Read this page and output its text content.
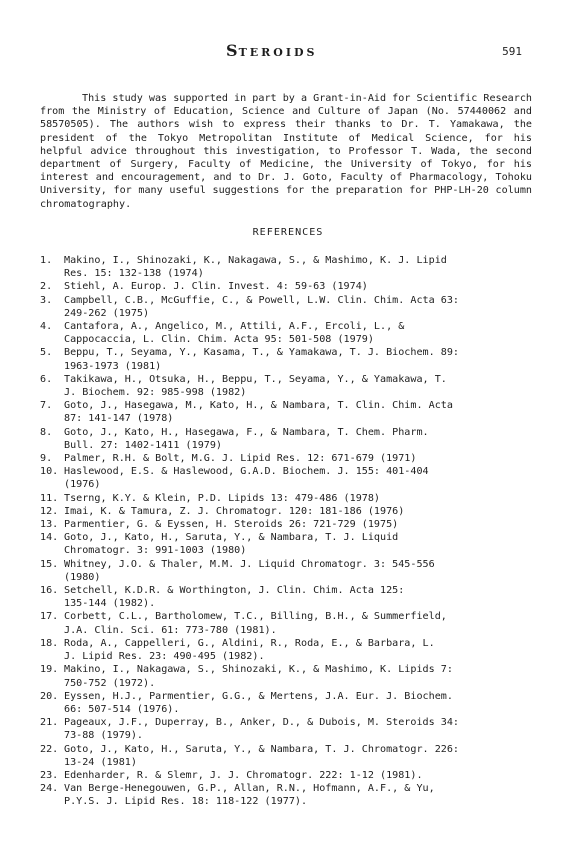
STEROIDS	591

This study was supported in part by a Grant-in-Aid for Scientific Research from the Ministry of Education, Science and Culture of Japan (No. 57440062 and 58570505). The authors wish to express their thanks to Dr. T. Yamakawa, the president of the Tokyo Metropolitan Institute of Medical Science, for his helpful advice throughout this investigation, to Professor T. Wada, the second department of Surgery, Faculty of Medicine, the University of Tokyo, for his interest and encouragement, and to Dr. J. Goto, Faculty of Pharmacology, Tohoku University, for many useful suggestions for the preparation for PHP-LH-20 column chromatography.

REFERENCES
1.	Makino, I., Shinozaki, K., Nakagawa, S., & Mashimo, K. J. Lipid
Res. 15: 132-138 (1974)
2.	Stiehl, A. Europ. J. Clin. Invest. 4: 59-63 (1974)
3.	Campbell, C.B., McGuffie, C., & Powell, L.W. Clin. Chim. Acta 63:
249-262 (1975)
4.	Cantafora, A., Angelico, M., Attili, A.F., Ercoli, L., &
Cappocaccia, L. Clin. Chim. Acta 95: 501-508 (1979)
5.	Beppu, T., Seyama, Y., Kasama, T., & Yamakawa, T. J. Biochem. 89:
1963-1973 (1981)
6.	Takikawa, H., Otsuka, H., Beppu, T., Seyama, Y., & Yamakawa, T.
J. Biochem. 92: 985-998 (1982)
7.	Goto, J., Hasegawa, M., Kato, H., & Nambara, T. Clin. Chim. Acta
87: 141-147 (1978)
8.	Goto, J., Kato, H., Hasegawa, F., & Nambara, T. Chem. Pharm.
Bull. 27: 1402-1411 (1979)
9.	Palmer, R.H. & Bolt, M.G. J. Lipid Res. 12: 671-679 (1971)
10. Haslewood, E.S. & Haslewood, G.A.D. Biochem. J. 155: 401-404
(1976)
11. Tserng, K.Y. & Klein, P.D. Lipids 13: 479-486 (1978)
12. Imai, K. & Tamura, Z. J. Chromatogr. 120: 181-186 (1976)
13. Parmentier, G. & Eyssen, H. Steroids 26: 721-729 (1975)
14. Goto, J., Kato, H., Saruta, Y., & Nambara, T. J. Liquid
Chromatogr. 3: 991-1003 (1980)
15. Whitney, J.O. & Thaler, M.M. J. Liquid Chromatogr. 3: 545-556
(1980)
16. Setchell, K.D.R. & Worthington, J. Clin. Chim. Acta 125:
135-144 (1982).
17. Corbett, C.L., Bartholomew, T.C., Billing, B.H., & Summerfield,
J.A. Clin. Sci. 61: 773-780 (1981).
18. Roda, A., Cappelleri, G., Aldini, R., Roda, E., & Barbara, L.
J. Lipid Res. 23: 490-495 (1982).
19. Makino, I., Nakagawa, S., Shinozaki, K., & Mashimo, K. Lipids 7:
750-752 (1972).
20. Eyssen, H.J., Parmentier, G.G., & Mertens, J.A. Eur. J. Biochem.
66: 507-514 (1976).
21. Pageaux, J.F., Duperray, B., Anker, D., & Dubois, M. Steroids 34:
73-88 (1979).
22. Goto, J., Kato, H., Saruta, Y., & Nambara, T. J. Chromatogr. 226:
13-24 (1981)
23. Edenharder, R. & Slemr, J. J. Chromatogr. 222: 1-12 (1981).
24. Van Berge-Henegouwen, G.P., Allan, R.N., Hofmann, A.F., & Yu,
P.Y.S. J. Lipid Res. 18: 118-122 (1977).
